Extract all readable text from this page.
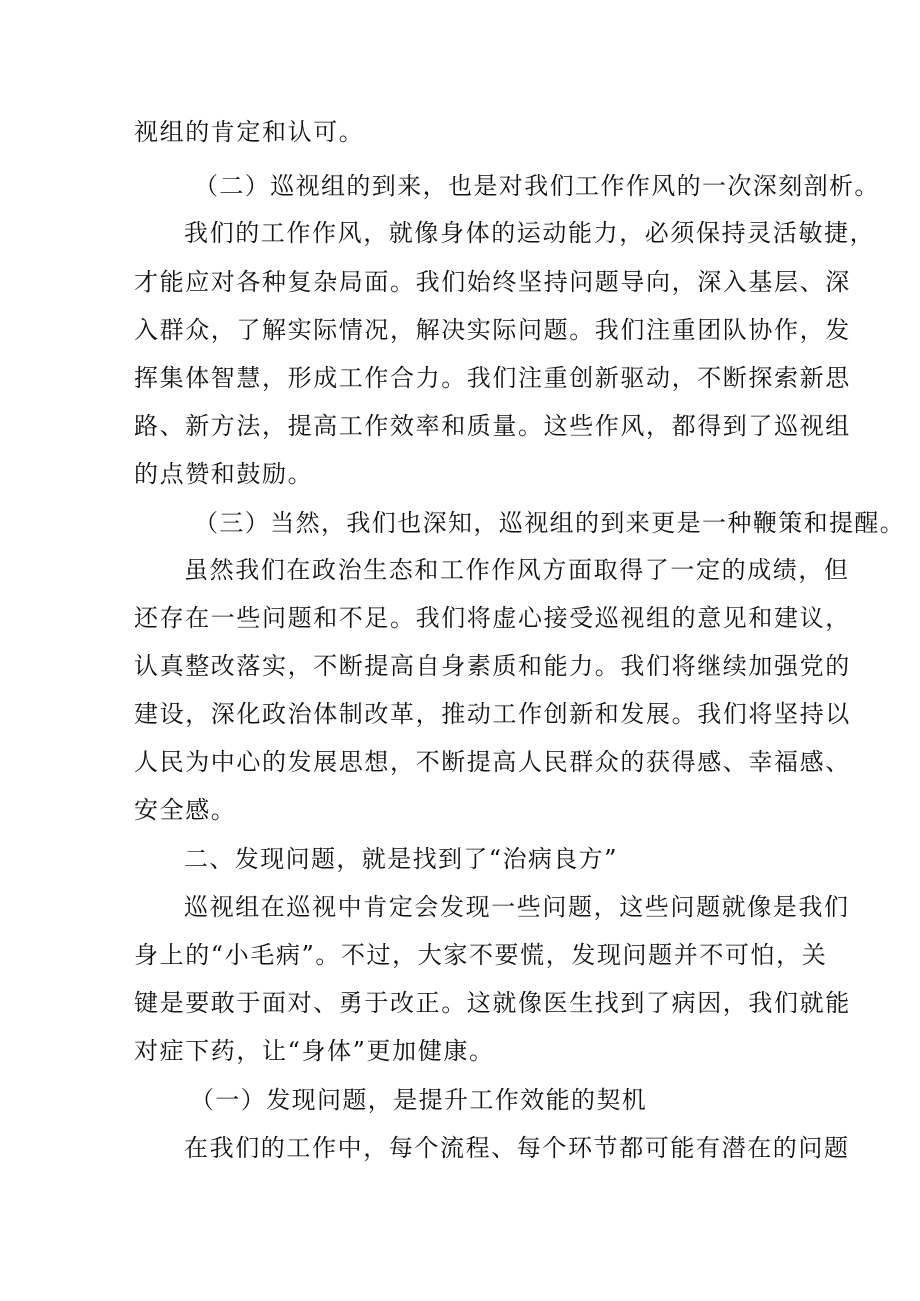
视组的肯定和认可。
（二）巡视组的到来，也是对我们工作作风的一次深刻剖析。
我们的工作作风，就像身体的运动能力，必须保持灵活敏捷，
才能应对各种复杂局面。我们始终坚持问题导向，深入基层、深
入群众，了解实际情况，解决实际问题。我们注重团队协作，发
挥集体智慧，形成工作合力。我们注重创新驱动，不断探索新思
路、新方法，提高工作效率和质量。这些作风，都得到了巡视组
的点赞和鼓励。
（三）当然，我们也深知，巡视组的到来更是一种鞭策和提醒。
虽然我们在政治生态和工作作风方面取得了一定的成绩，但
还存在一些问题和不足。我们将虚心接受巡视组的意见和建议，
认真整改落实，不断提高自身素质和能力。我们将继续加强党的
建设，深化政治体制改革，推动工作创新和发展。我们将坚持以
人民为中心的发展思想，不断提高人民群众的获得感、幸福感、
安全感。
二、发现问题，就是找到了“治病良方”
巡视组在巡视中肯定会发现一些问题，这些问题就像是我们
身上的“小毛病”。不过，大家不要慌，发现问题并不可怕，关
键是要敢于面对、勇于改正。这就像医生找到了病因，我们就能
对症下药，让“身体”更加健康。
（一）发现问题，是提升工作效能的契机
在我们的工作中，每个流程、每个环节都可能有潜在的问题
